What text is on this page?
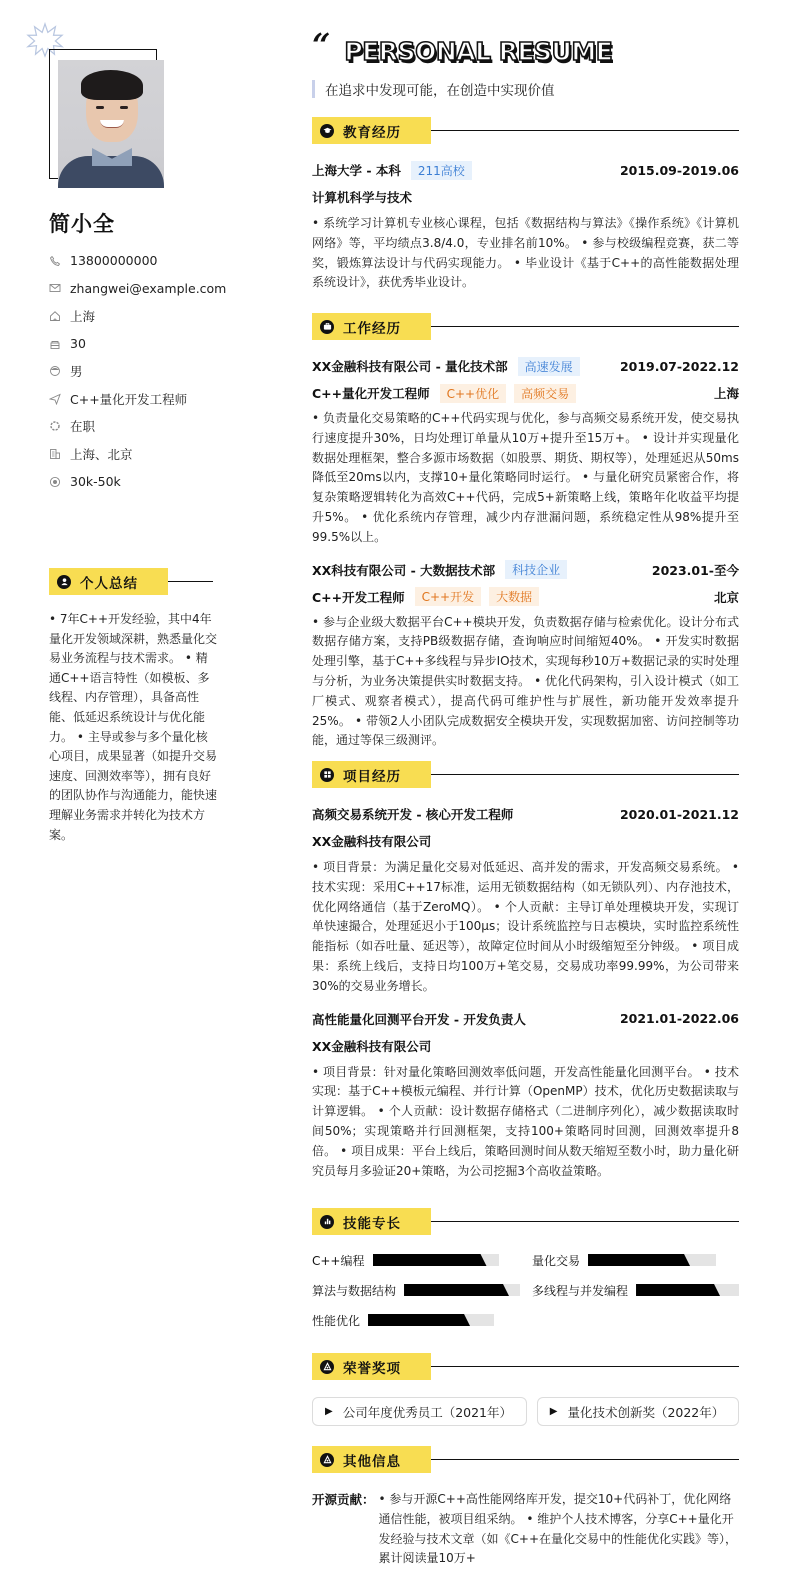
简小全
13800000000
zhangwei@example.com
上海
30
男
C++量化开发工程师
在职
上海、北京
30k-50k
个人总结
• 7年C++开发经验，其中4年量化开发领域深耕，熟悉量化交易业务流程与技术需求。 • 精通C++语言特性（如模板、多线程、内存管理），具备高性能、低延迟系统设计与优化能力。 • 主导或参与多个量化核心项目，成果显著（如提升交易速度、回测效率等），拥有良好的团队协作与沟通能力，能快速理解业务需求并转化为技术方案。
“ PERSONAL RESUME
在追求中发现可能，在创造中实现价值
教育经历
上海大学 - 本科	211高校	2015.09-2019.06
计算机科学与技术
• 系统学习计算机专业核心课程，包括《数据结构与算法》《操作系统》《计算机网络》等，平均绩点3.8/4.0，专业排名前10%。 • 参与校级编程竞赛，获二等奖，锻炼算法设计与代码实现能力。 • 毕业设计《基于C++的高性能数据处理系统设计》，获优秀毕业设计。
工作经历
XX金融科技有限公司 - 量化技术部	高速发展	2019.07-2022.12
C++量化开发工程师	C++优化	高频交易	上海
• 负责量化交易策略的C++代码实现与优化，参与高频交易系统开发，使交易执行速度提升30%，日均处理订单量从10万+提升至15万+。 • 设计并实现量化数据处理框架，整合多源市场数据（如股票、期货、期权等），处理延迟从50ms降低至20ms以内，支撑10+量化策略同时运行。 • 与量化研究员紧密合作，将复杂策略逻辑转化为高效C++代码，完成5+新策略上线，策略年化收益平均提升5%。 • 优化系统内存管理，减少内存泄漏问题，系统稳定性从98%提升至99.5%以上。
XX科技有限公司 - 大数据技术部	科技企业	2023.01-至今
C++开发工程师	C++开发	大数据	北京
• 参与企业级大数据平台C++模块开发，负责数据存储与检索优化。设计分布式数据存储方案，支持PB级数据存储，查询响应时间缩短40%。 • 开发实时数据处理引擎，基于C++多线程与异步IO技术，实现每秒10万+数据记录的实时处理与分析，为业务决策提供实时数据支持。 • 优化代码架构，引入设计模式（如工厂模式、观察者模式），提高代码可维护性与扩展性，新功能开发效率提升25%。 • 带领2人小团队完成数据安全模块开发，实现数据加密、访问控制等功能，通过等保三级测评。
项目经历
高频交易系统开发 - 核心开发工程师	2020.01-2021.12
XX金融科技有限公司
• 项目背景：为满足量化交易对低延迟、高并发的需求，开发高频交易系统。 • 技术实现：采用C++17标准，运用无锁数据结构（如无锁队列）、内存池技术，优化网络通信（基于ZeroMQ）。 • 个人贡献：主导订单处理模块开发，实现订单快速撮合，处理延迟小于100μs；设计系统监控与日志模块，实时监控系统性能指标（如吞吐量、延迟等），故障定位时间从小时级缩短至分钟级。 • 项目成果：系统上线后，支持日均100万+笔交易，交易成功率99.99%，为公司带来30%的交易业务增长。
高性能量化回测平台开发 - 开发负责人	2021.01-2022.06
XX金融科技有限公司
• 项目背景：针对量化策略回测效率低问题，开发高性能量化回测平台。 • 技术实现：基于C++模板元编程、并行计算（OpenMP）技术，优化历史数据读取与计算逻辑。 • 个人贡献：设计数据存储格式（二进制序列化），减少数据读取时间50%；实现策略并行回测框架，支持100+策略同时回测，回测效率提升8倍。 • 项目成果：平台上线后，策略回测时间从数天缩短至数小时，助力量化研究员每月多验证20+策略，为公司挖掘3个高收益策略。
技能专长
C++编程	量化交易
算法与数据结构	多线程与并发编程
性能优化
荣誉奖项
▶ 公司年度优秀员工（2021年）	▶ 量化技术创新奖（2022年）
其他信息
开源贡献： • 参与开源C++高性能网络库开发，提交10+代码补丁，优化网络通信性能，被项目组采纳。 • 维护个人技术博客，分享C++量化开发经验与技术文章（如《C++在量化交易中的性能优化实践》等），累计阅读量10万+
